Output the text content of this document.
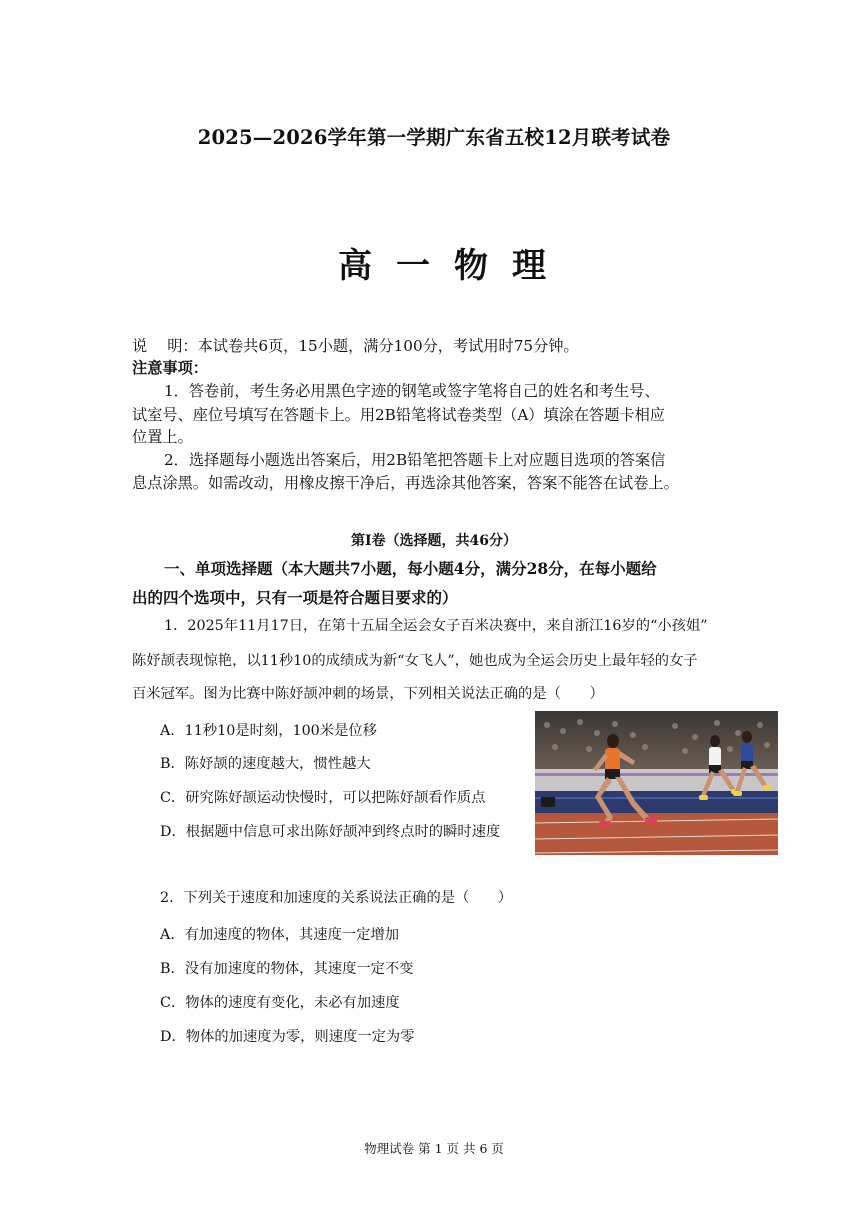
2025—2026学年第一学期广东省五校12月联考试卷
高一物理
说　 明：本试卷共6页，15小题，满分100分，考试用时75分钟。
注意事项：
1．答卷前，考生务必用黑色字迹的钢笔或签字笔将自己的姓名和考生号、
试室号、座位号填写在答题卡上。用2B铅笔将试卷类型（A）填涂在答题卡相应
位置上。
2．选择题每小题选出答案后，用2B铅笔把答题卡上对应题目选项的答案信
息点涂黑。如需改动，用橡皮擦干净后，再选涂其他答案，答案不能答在试卷上。
第Ⅰ卷（选择题，共46分）
一、单项选择题（本大题共7小题，每小题4分，满分28分，在每小题给
出的四个选项中，只有一项是符合题目要求的）
1．2025年11月17日，在第十五届全运会女子百米决赛中，来自浙江16岁的“小孩姐”
陈妤颉表现惊艳，以11秒10的成绩成为新“女飞人”，她也成为全运会历史上最年轻的女子
百米冠军。图为比赛中陈妤颉冲刺的场景，下列相关说法正确的是（　　）
A．11秒10是时刻，100米是位移
B．陈妤颉的速度越大，惯性越大
C．研究陈妤颉运动快慢时，可以把陈妤颉看作质点
D．根据题中信息可求出陈妤颉冲到终点时的瞬时速度
2．下列关于速度和加速度的关系说法正确的是（　　）
A．有加速度的物体，其速度一定增加
B．没有加速度的物体，其速度一定不变
C．物体的速度有变化，未必有加速度
D．物体的加速度为零，则速度一定为零
物理试卷 第 1 页 共 6 页
